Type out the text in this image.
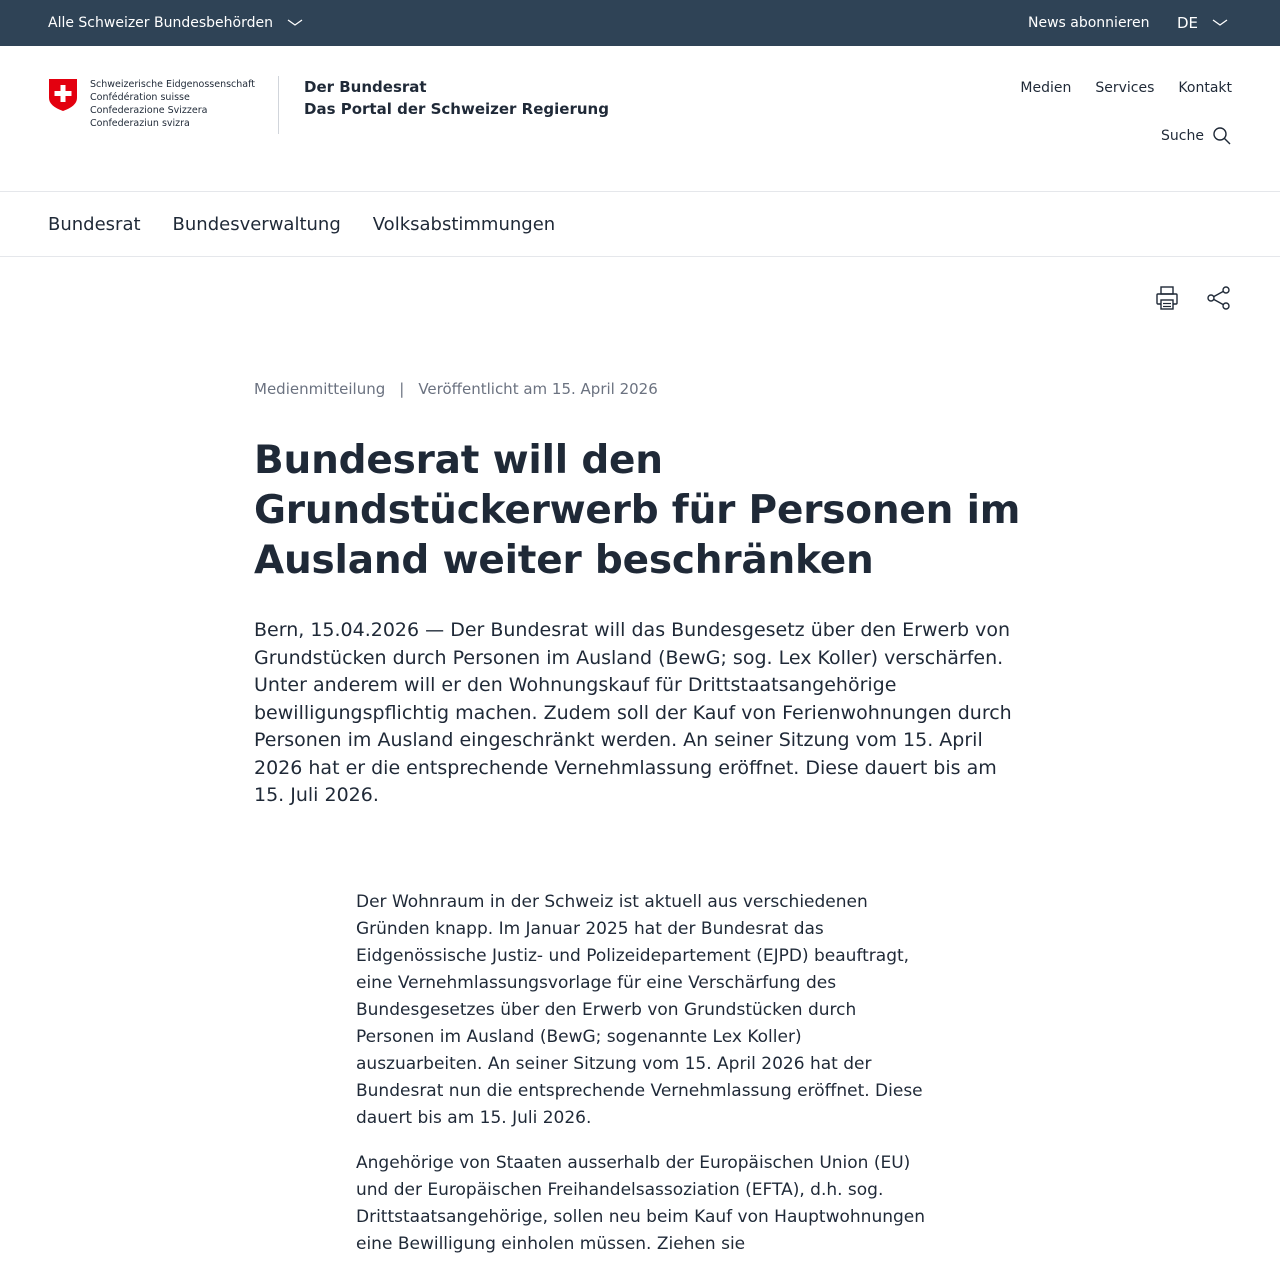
Alle Schweizer Bundesbehörden	News abonnieren DE
Schweizerische Eidgenossenschaft
Confédération suisse
Confederazione Svizzera
Confederaziun svizra
Der Bundesrat
Das Portal der Schweizer Regierung
Medien Services Kontakt
Suche
Bundesrat Bundesverwaltung Volksabstimmungen
Medienmitteilung | Veröffentlicht am 15. April 2026
Bundesrat will den Grundstückerwerb für Personen im Ausland weiter beschränken

Bern, 15.04.2026 — Der Bundesrat will das Bundesgesetz über den Erwerb von Grundstücken durch Personen im Ausland (BewG; sog. Lex Koller) verschärfen. Unter anderem will er den Wohnungskauf für Drittstaatsangehörige bewilligungspflichtig machen. Zudem soll der Kauf von Ferienwohnungen durch Personen im Ausland eingeschränkt werden. An seiner Sitzung vom 15. April 2026 hat er die entsprechende Vernehmlassung eröffnet. Diese dauert bis am 15. Juli 2026.

Der Wohnraum in der Schweiz ist aktuell aus verschiedenen Gründen knapp. Im Januar 2025 hat der Bundesrat das Eidgenössische Justiz- und Polizeidepartement (EJPD) beauftragt, eine Vernehmlassungsvorlage für eine Verschärfung des Bundesgesetzes über den Erwerb von Grundstücken durch Personen im Ausland (BewG; sogenannte Lex Koller) auszuarbeiten. An seiner Sitzung vom 15. April 2026 hat der Bundesrat nun die entsprechende Vernehmlassung eröffnet. Diese dauert bis am 15. Juli 2026.

Angehörige von Staaten ausserhalb der Europäischen Union (EU) und der Europäischen Freihandelsassoziation (EFTA), d.h. sog. Drittstaatsangehörige, sollen neu beim Kauf von Hauptwohnungen eine Bewilligung einholen müssen. Ziehen sie
